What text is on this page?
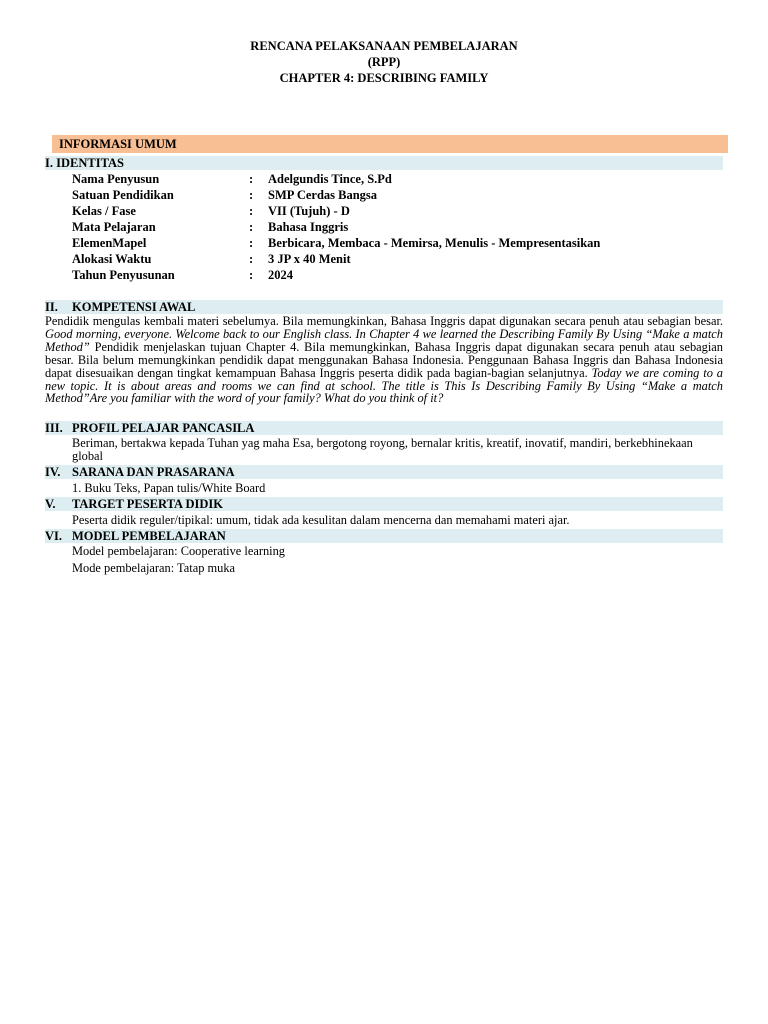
RENCANA PELAKSANAAN PEMBELAJARAN
(RPP)
CHAPTER 4: DESCRIBING FAMILY
INFORMASI UMUM
I. IDENTITAS
Nama Penyusun	: Adelgundis Tince, S.Pd
Satuan Pendidikan	: SMP Cerdas Bangsa
Kelas / Fase	: VII (Tujuh) - D
Mata Pelajaran	: Bahasa Inggris
ElemenMapel	: Berbicara, Membaca - Memirsa, Menulis - Mempresentasikan
Alokasi Waktu	: 3 JP x 40 Menit
Tahun Penyusunan	: 2024
II. KOMPETENSI AWAL
Pendidik mengulas kembali materi sebelumya. Bila memungkinkan, Bahasa Inggris dapat digunakan secara penuh atau sebagian besar. Good morning, everyone. Welcome back to our English class. In Chapter 4 we learned the Describing Family By Using “Make a match Method” Pendidik menjelaskan tujuan Chapter 4. Bila memungkinkan, Bahasa Inggris dapat digunakan secara penuh atau sebagian besar. Bila belum memungkinkan pendidik dapat menggunakan Bahasa Indonesia. Penggunaan Bahasa Inggris dan Bahasa Indonesia dapat disesuaikan dengan tingkat kemampuan Bahasa Inggris peserta didik pada bagian-bagian selanjutnya. Today we are coming to a new topic. It is about areas and rooms we can find at school. The title is This Is Describing Family By Using “Make a match Method”Are you familiar with the word of your family? What do you think of it?
III. PROFIL PELAJAR PANCASILA
Beriman, bertakwa kepada Tuhan yag maha Esa, bergotong royong, bernalar kritis, kreatif, inovatif, mandiri, berkebhinekaan global
IV. SARANA DAN PRASARANA
1. Buku Teks, Papan tulis/White Board
V. TARGET PESERTA DIDIK
Peserta didik reguler/tipikal: umum, tidak ada kesulitan dalam mencerna dan memahami materi ajar.
VI. MODEL PEMBELAJARAN
Model pembelajaran: Cooperative learning
Mode pembelajaran: Tatap muka
